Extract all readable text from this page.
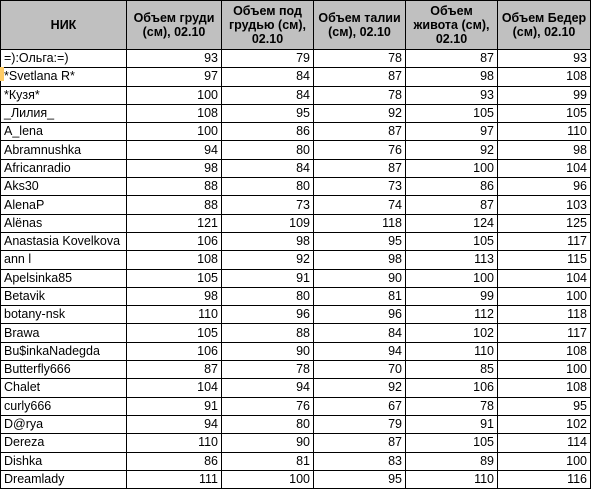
НИК	Объем груди (см), 02.10	Объем под грудью (см), 02.10	Объем талии (см), 02.10	Объем живота (см), 02.10	Объем Бедер (см), 02.10
=):Ольга:=)	93	79	78	87	93
*Svetlana R*	97	84	87	98	108
*Кузя*	100	84	78	93	99
_Лилия_	108	95	92	105	105
A_lena	100	86	87	97	110
Abramnushka	94	80	76	92	98
Africanradio	98	84	87	100	104
Aks30	88	80	73	86	96
AlenaP	88	73	74	87	103
Alënas	121	109	118	124	125
Anastasia Kovelkova	106	98	95	105	117
ann l	108	92	98	113	115
Apelsinka85	105	91	90	100	104
Betavik	98	80	81	99	100
botany-nsk	110	96	96	112	118
Brawa	105	88	84	102	117
Bu$inkaNadegda	106	90	94	110	108
Butterfly666	87	78	70	85	100
Chalet	104	94	92	106	108
curly666	91	76	67	78	95
D@rya	94	80	79	91	102
Dereza	110	90	87	105	114
Dishka	86	81	83	89	100
Dreamlady	111	100	95	110	116
